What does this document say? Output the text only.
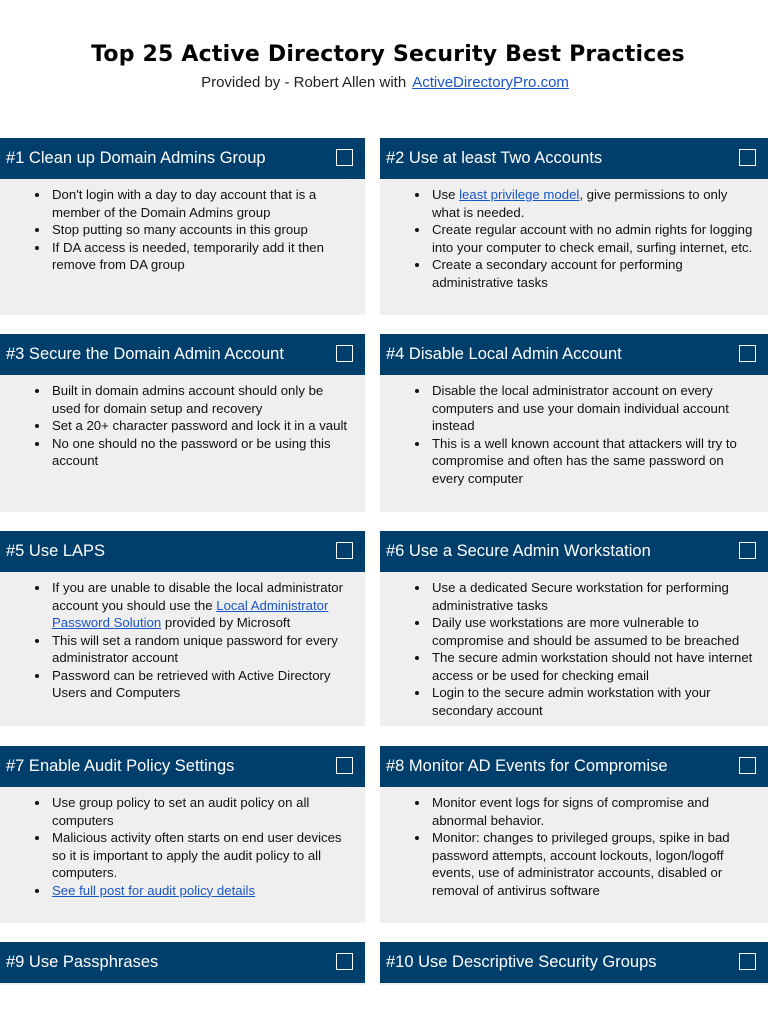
Top 25 Active Directory Security Best Practices
Provided by - Robert Allen with ActiveDirectoryPro.com
#1 Clean up Domain Admins Group
• Don't login with a day to day account that is a member of the Domain Admins group
• Stop putting so many accounts in this group
• If DA access is needed, temporarily add it then remove from DA group
#2 Use at least Two Accounts
• Use least privilege model, give permissions to only what is needed.
• Create regular account with no admin rights for logging into your computer to check email, surfing internet, etc.
• Create a secondary account for performing administrative tasks
#3 Secure the Domain Admin Account
• Built in domain admins account should only be used for domain setup and recovery
• Set a 20+ character password and lock it in a vault
• No one should no the password or be using this account
#4 Disable Local Admin Account
• Disable the local administrator account on every computers and use your domain individual account instead
• This is a well known account that attackers will try to compromise and often has the same password on every computer
#5 Use LAPS
• If you are unable to disable the local administrator account you should use the Local Administrator Password Solution provided by Microsoft
• This will set a random unique password for every administrator account
• Password can be retrieved with Active Directory Users and Computers
#6 Use a Secure Admin Workstation
• Use a dedicated Secure workstation for performing administrative tasks
• Daily use workstations are more vulnerable to compromise and should be assumed to be breached
• The secure admin workstation should not have internet access or be used for checking email
• Login to the secure admin workstation with your secondary account
#7 Enable Audit Policy Settings
• Use group policy to set an audit policy on all computers
• Malicious activity often starts on end user devices so it is important to apply the audit policy to all computers.
• See full post for audit policy details
#8 Monitor AD Events for Compromise
• Monitor event logs for signs of compromise and abnormal behavior.
• Monitor: changes to privileged groups, spike in bad password attempts, account lockouts, logon/logoff events, use of administrator accounts, disabled or removal of antivirus software
#9 Use Passphrases	#10 Use Descriptive Security Groups
